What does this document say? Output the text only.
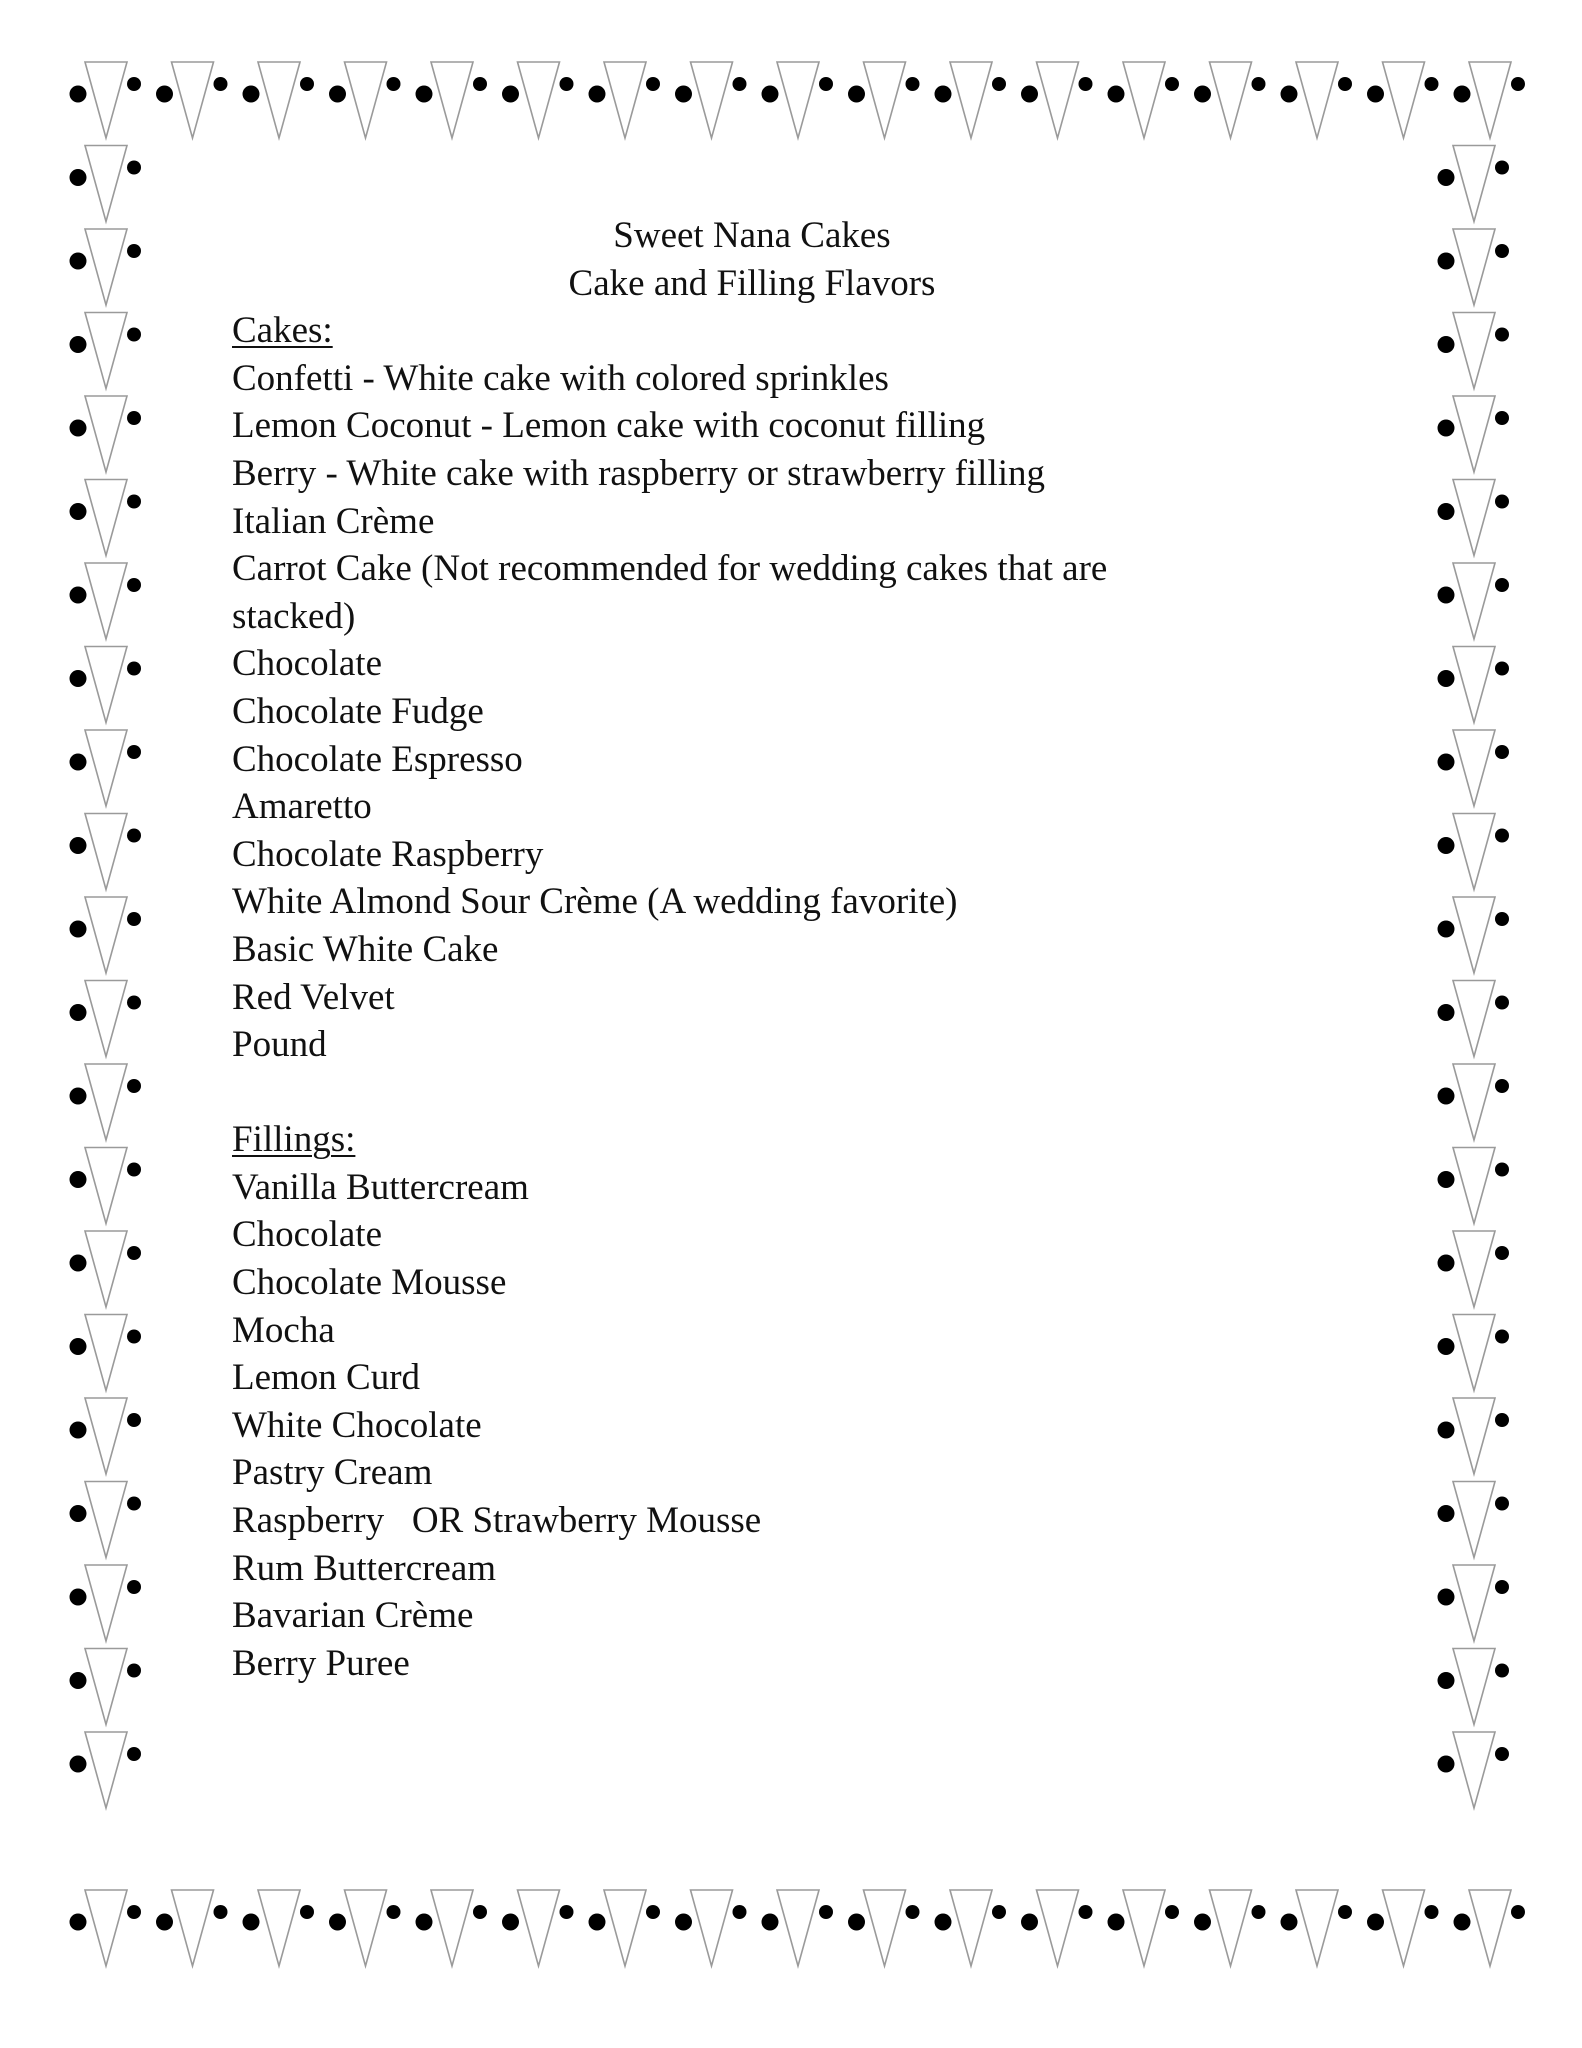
Sweet Nana Cakes
Cake and Filling Flavors
Cakes:
Confetti - White cake with colored sprinkles
Lemon Coconut - Lemon cake with coconut filling
Berry - White cake with raspberry or strawberry filling
Italian Crème
Carrot Cake (Not recommended for wedding cakes that are stacked)
Chocolate
Chocolate Fudge
Chocolate Espresso
Amaretto
Chocolate Raspberry
White Almond Sour Crème (A wedding favorite)
Basic White Cake
Red Velvet
Pound
Fillings:
Vanilla Buttercream
Chocolate
Chocolate Mousse
Mocha
Lemon Curd
White Chocolate
Pastry Cream
Raspberry   OR Strawberry Mousse
Rum Buttercream
Bavarian Crème
Berry Puree
